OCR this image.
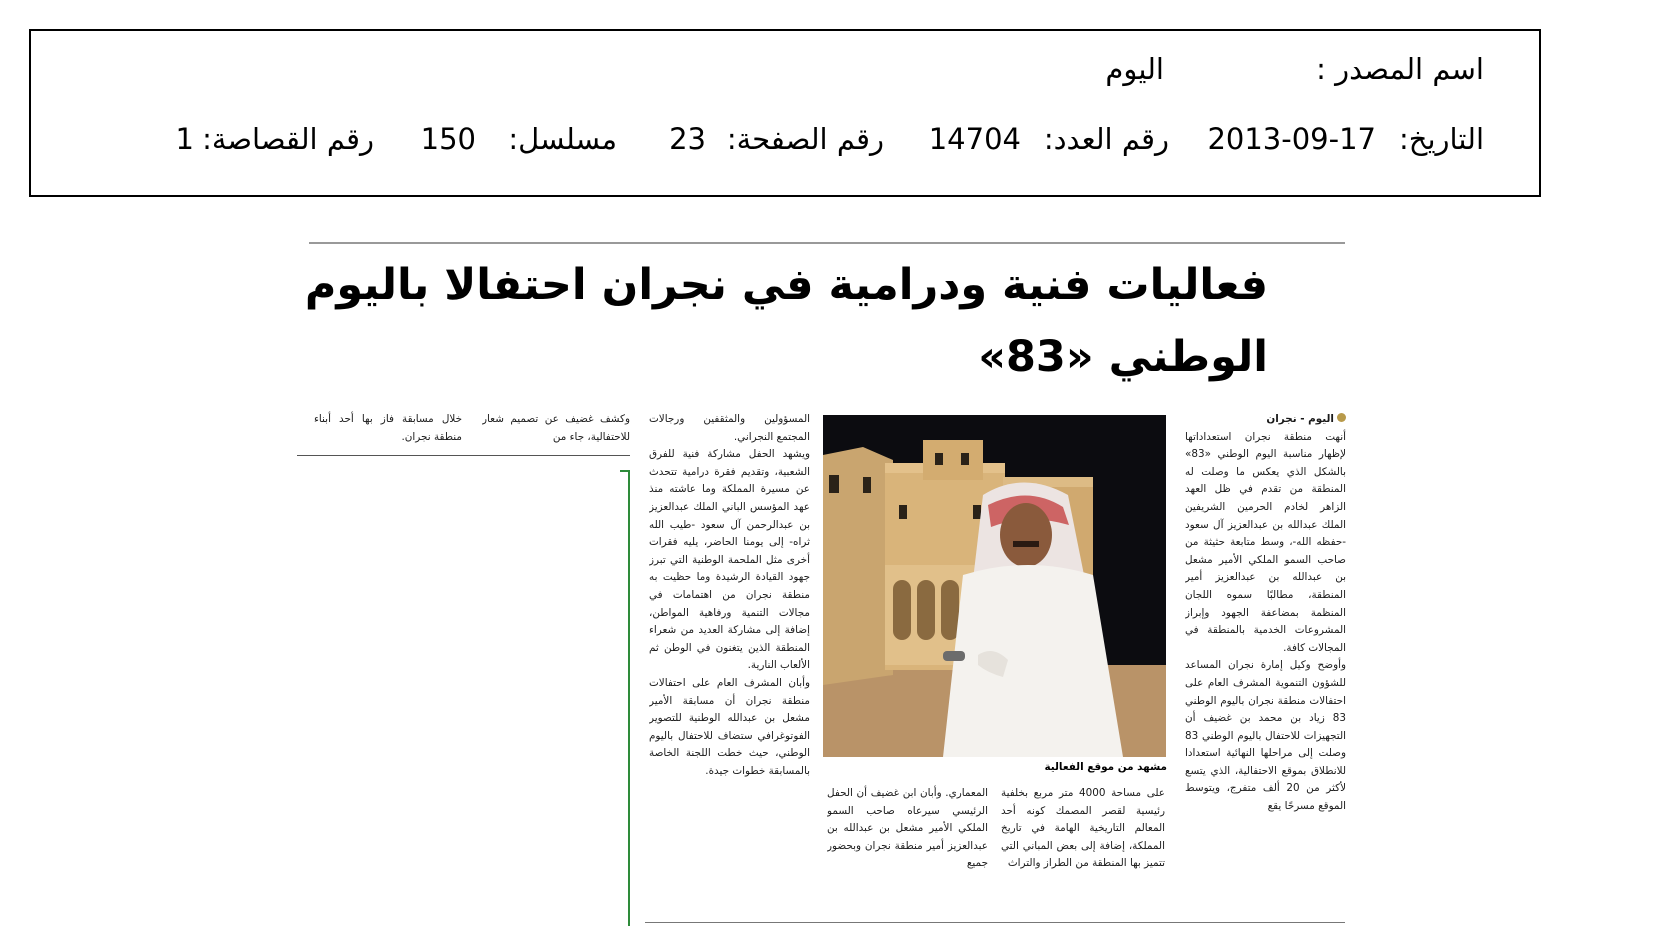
اسم المصدر :
اليوم
التاريخ:
2013-09-17
رقم العدد:
14704
رقم الصفحة:
23
مسلسل:
150
رقم القصاصة:
1
فعاليات فنية ودرامية في نجران احتفالا باليوم
الوطني «83»

اليوم - نجران

أنهت منطقة نجران استعداداتها لإظهار مناسبة اليوم الوطني «83» بالشكل الذي يعكس ما وصلت له المنطقة من تقدم في ظل العهد الزاهر لخادم الحرمين الشريفين الملك عبدالله بن عبدالعزيز آل سعود -حفظه الله-، وسط متابعة حثيثة من صاحب السمو الملكي الأمير مشعل بن عبدالله بن عبدالعزيز أمير المنطقة، مطالبًا سموه اللجان المنظمة بمضاعفة الجهود وإبراز المشروعات الخدمية بالمنطقة في المجالات كافة.

وأوضح وكيل إمارة نجران المساعد للشؤون التنموية المشرف العام على احتفالات منطقة نجران باليوم الوطني 83 زياد بن محمد بن غضيف أن التجهيزات للاحتفال باليوم الوطني 83 وصلت إلى مراحلها النهائية استعدادا للانطلاق بموقع الاحتفالية، الذي يتسع لأكثر من 20 ألف متفرج، ويتوسط الموقع مسرحًا يقع

مشهد من موقع الفعالية

على مساحة 4000 متر مربع بخلفية رئيسية لقصر المصمك كونه أحد المعالم التاريخية الهامة في تاريخ المملكة، إضافة إلى بعض المباني التي تتميز بها المنطقة من الطراز والتراث

المعماري. وأبان ابن غضيف أن الحفل الرئيسي سيرعاه صاحب السمو الملكي الأمير مشعل بن عبدالله بن عبدالعزيز أمير منطقة نجران وبحضور جميع

المسؤولين والمثقفين ورجالات المجتمع النجراني.

ويشهد الحفل مشاركة فنية للفرق الشعبية، وتقديم فقرة درامية تتحدث عن مسيرة المملكة وما عاشته منذ عهد المؤسس الباني الملك عبدالعزيز بن عبدالرحمن آل سعود -طيب الله ثراه- إلى يومنا الحاضر، يليه فقرات أخرى مثل الملحمة الوطنية التي تبرز جهود القيادة الرشيدة وما حظيت به منطقة نجران من اهتمامات في مجالات التنمية ورفاهية المواطن، إضافة إلى مشاركة العديد من شعراء المنطقة الذين يتغنون في الوطن ثم الألعاب النارية.

وأبان المشرف العام على احتفالات منطقة نجران أن مسابقة الأمير مشعل بن عبدالله الوطنية للتصوير الفوتوغرافي ستضاف للاحتفال باليوم الوطني، حيث خطت اللجنة الخاصة بالمسابقة خطوات جيدة.

وكشف غضيف عن تصميم شعار للاحتفالية، جاء من

خلال مسابقة فاز بها أحد أبناء منطقة نجران.
